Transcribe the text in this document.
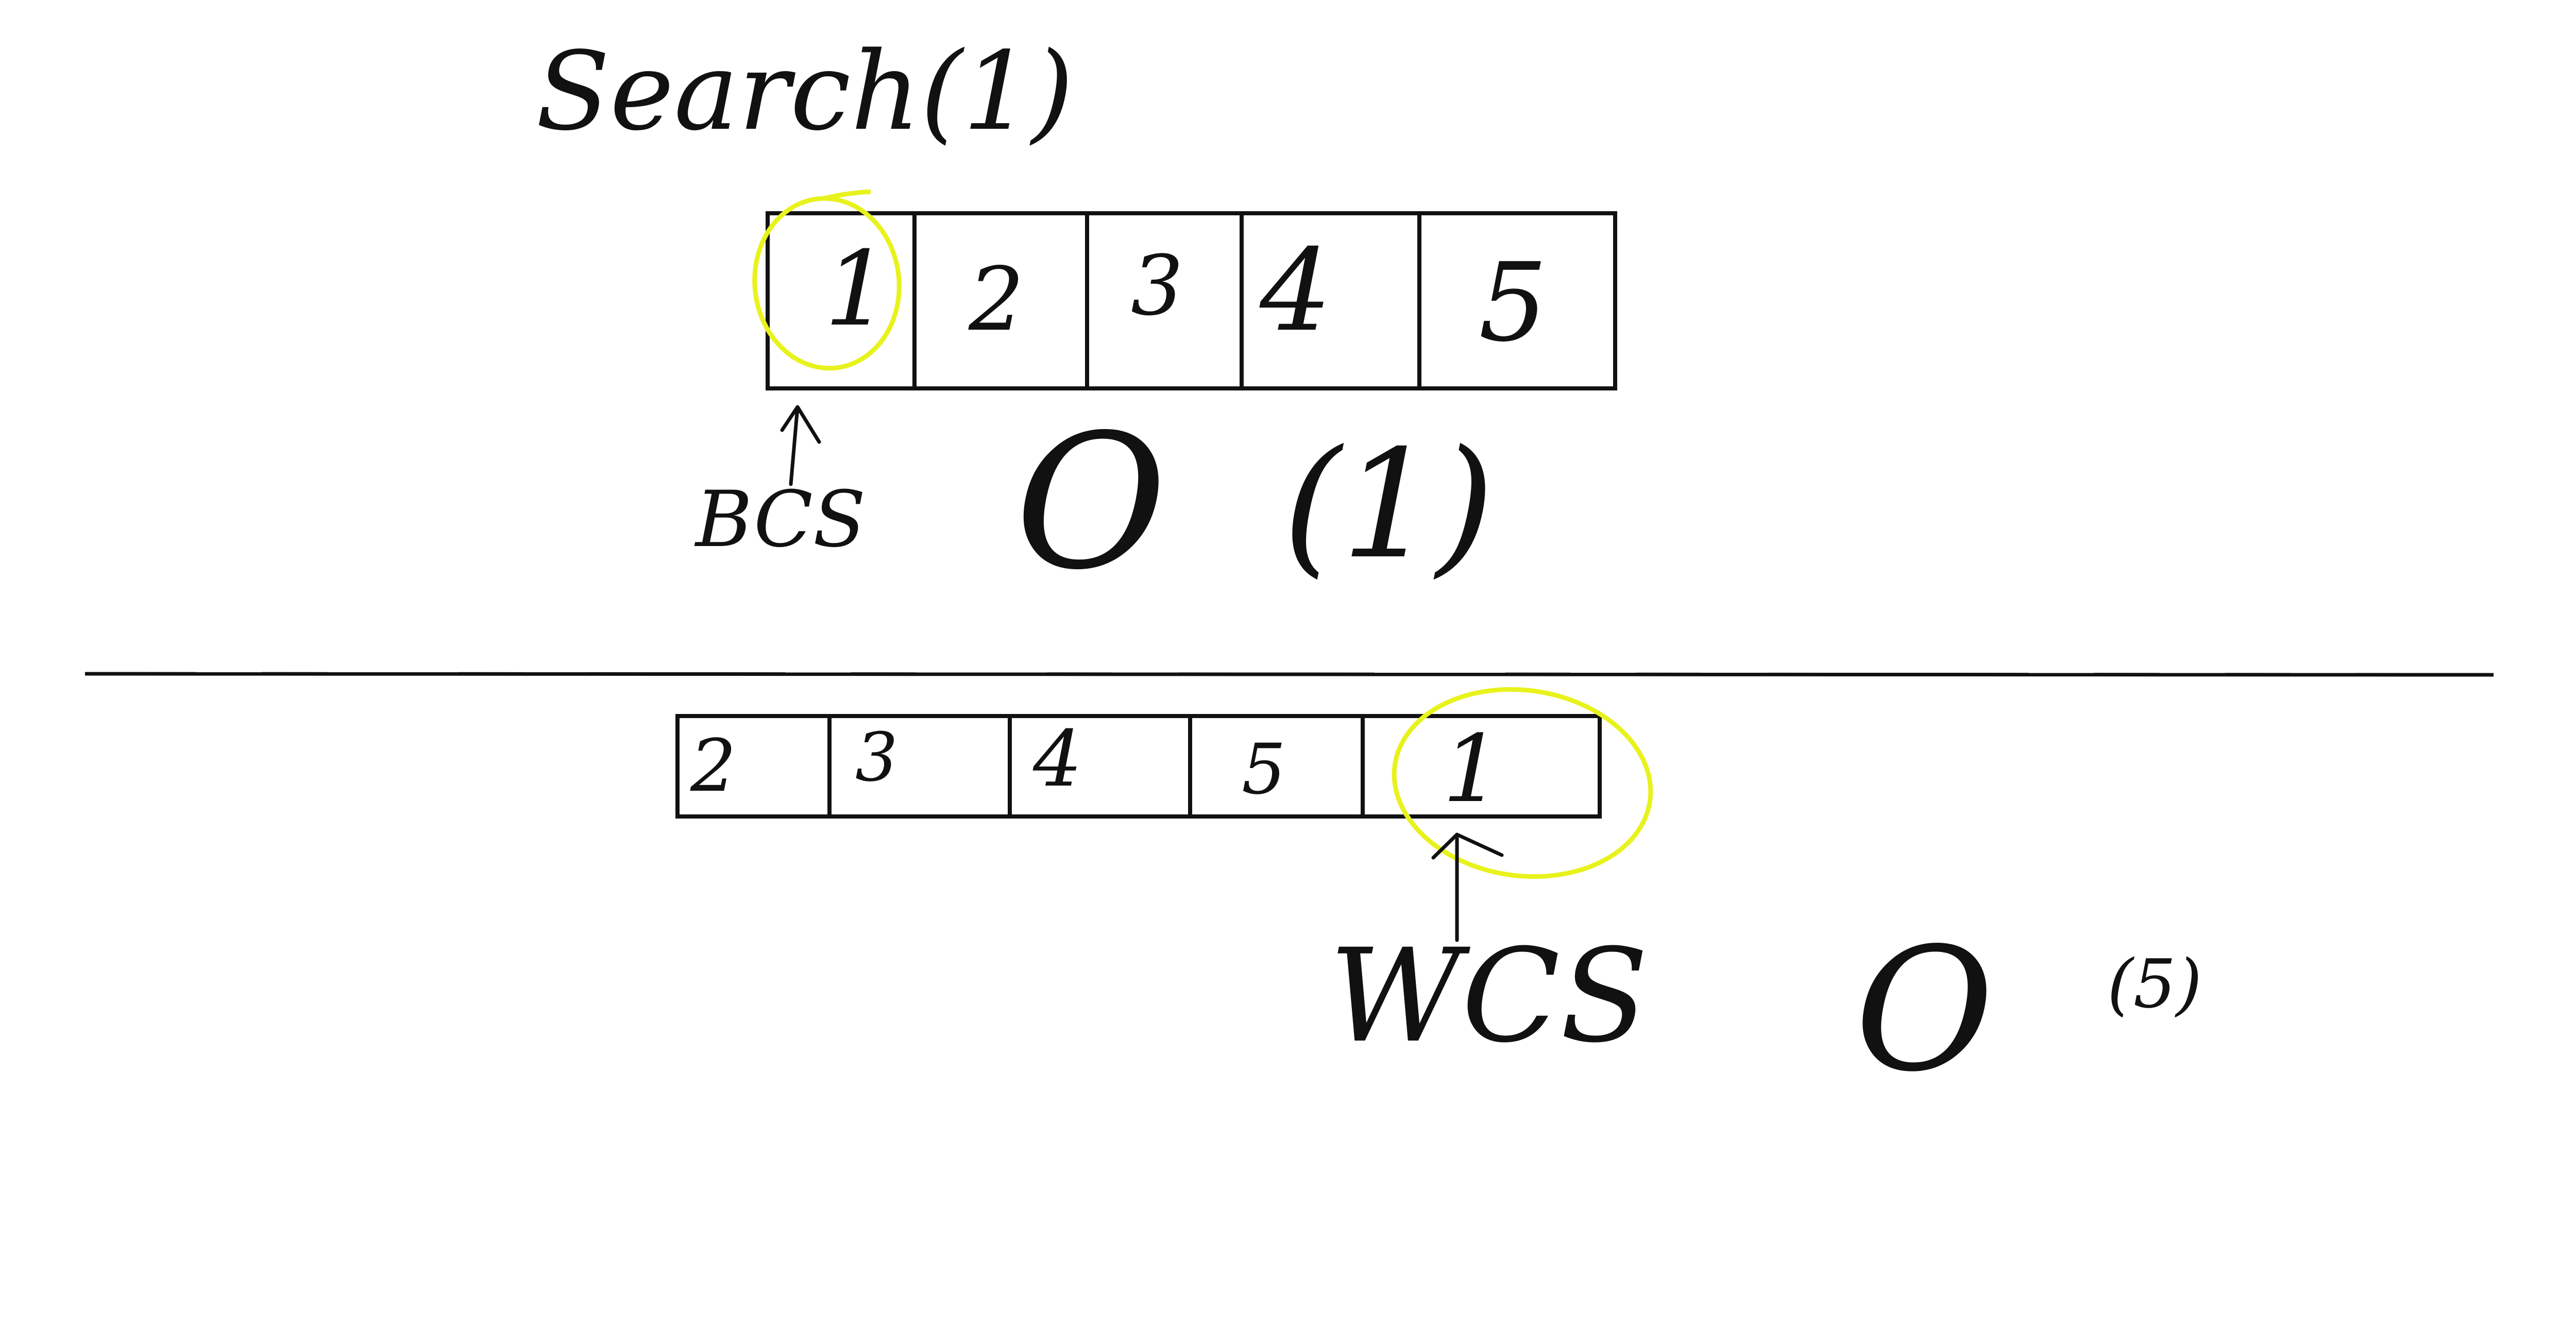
Search(1)
1 2 3 4 5
BCS O (1)
2 3 4 5 1
WCS O (5)
